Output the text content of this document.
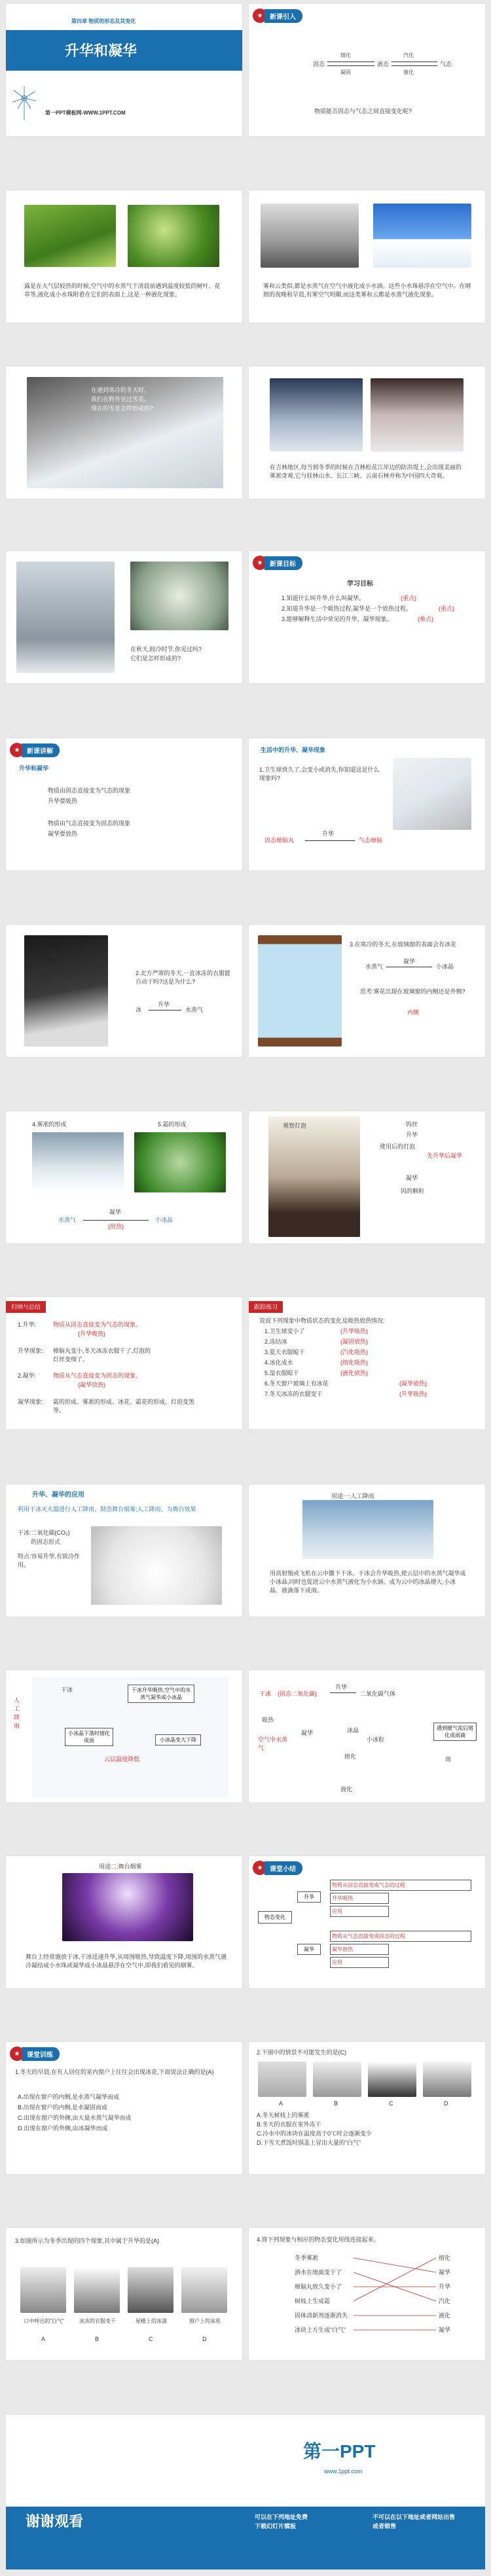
第四章 物质的形态及其变化
升华和凝华
第一PPT模板网-WWW.1PPT.COM
★	新课引入
固态	液态	气态
熔化
凝固
汽化
液化
物质能否固态与气态之间直接变化呢?
露是在大气层较热的时候,空气中的水蒸气于清晨前遇到温度较低的树叶、花草等,液化成小水珠附着在它们的表面上,这是一种液化现象。
雾和云类似,都是水蒸气在空气中液化成小水滴。这些小水珠悬浮在空气中。在晴朗的夜晚和早晨,有雾空气明媚,而这类雾和云都是水蒸气液化现象。
在遇到寒冷的冬天时,
我们在野外见过雪花。
现在的雪是怎样形成的?
在吉林地区,每当到冬季的时候在吉林松花江岸边的防洪堤上,会出现美丽的雾凇奇观,它与桂林山水、长江三峡、云南石林并称为中国四大奇观。
在秋天,较冷时节,你见过吗?
它们是怎样形成的?
★	新课目标
学习目标
1.知道什么叫升华,什么叫凝华。	(重点)
2.知道升华是一个吸热过程,凝华是一个放热过程。	(重点)
3.能够解释生活中常见的升华、凝华现象。	(难点)
★	新课讲解
升华和凝华
物质由固态直接变为气态的现象
升华要吸热
物质由气态直接变为固态的现象
凝华要放热
生活中的升华、凝华现象
1.卫生球放久了,会变小或消失,你知道这是什么现象吗?
固态樟脑丸
升华
气态樟脑
2.北方严寒的冬天,一直冰冻的衣服能自动干吗?这是为什么?
冰
升华
水蒸气
3.在寒冷的冬天,在玻璃窗的表面会有冰花
水蒸气
凝华
小冰晶
思考:雾花出现在玻璃窗的内侧还是外侧?
内侧
4.雾凇的形成	5.霜的形成
水蒸气
凝华
(放热)
小冰晶
观察灯泡	钨丝
升华
使用后的灯泡
先升华后凝华
凝华
钨的颗粒
归纳与总结
1.升华:	物质从固态直接变为气态的现象。
(升华吸热)
升华现象: 樟脑丸变小,冬天冰冻衣服干了,灯泡的灯丝变细了。
2.凝华:	物质从气态直接变为固态的现象。
(凝华放热)
凝华现象: 霜的形成、雾凇的形成、冰花、霜花的形成、灯泡变黑等。
跟踪练习
说说下列现象中物质状态的变化及吸热放热情况:
1.卫生球变小了	(升华吸热)
2.冻结冰	(凝固放热)
3.夏天衣服晾干	(汽化吸热)
4.冰化成水	(熔化吸热)
5.湿衣服晾干	(液化放热)
6.冬天窗户玻璃上有冰花	(凝华放热)
7.冬天冰冻的衣服变干	(升华吸热)
升华、凝华的应用
利用干冰灭火器进行人工降雨、制造舞台烟雾;人工降雨、为舞台效果
干冰:二氧化碳(CO₂)
的固态形式
特点:容易升华,有致冷作用。
用途一:人工降雨
用高射炮或飞机在云中撒下干冰。干冰会升华吸热,使云层中的水蒸气凝华成小冰晶,同时也促进云中水蒸气液化为小水滴。成为云中的冰晶增大,小冰晶、液滴落下成雨。
人工降雨
干冰	干冰升华吸热,空气中的水蒸气凝华成小冰晶
小冰晶变大下降
小冰晶下落时熔化成雨
云层温度降低
干冰 (固态二氧化碳)
升华
二氧化碳气体
吸热
空气中水蒸气
冰晶
小冰粒
熔化
凝华
遇到暖气流后熔化成雨滴
雨
液化
用途二:舞台烟雾
舞台上经常施放干冰,干冰迅速升华,从周围吸热,导致温度下降,周围的水蒸气遇冷凝结成小水珠或凝华成小冰晶悬浮在空气中,即我们看见的烟雾。
★	课堂小结
物态变化
升华
凝华
物质从固态直接变成气态的过程
升华吸热
应用
物质从气态直接变成固态的过程
凝华放热
应用
★	课堂训练
1.冬天的早晨,在有人居住的室内窗户上往往会出现冰花,下面说法正确的是(A)
A.出现在窗户的内侧,是水蒸气凝华而成
B.出现在窗户的内侧,是水凝固而成
C.出现在窗户的外侧,由大量水蒸气凝华而成
D.出现在窗户的外侧,由冰凝华而成
2.下图中的情景不可能发生的是(C)
A	B	C	D
A.冬天树枝上的雾凇
B.冬天的衣服在室外冻干
C.冷水中的冰块在温度高于0℃时会逐渐变少
D.下雪天煮饭时锅盖上冒出大量的“白气”
3.如图所示为冬季出现的四个现象,其中属于升华的是(A)
口中呼出的“白气”	冰冻的衣服变干	屋檐上的冰溜	窗户上的冰花
A	B	C	D
4.将下列现象与相应的物态变化用线连接起来。
冬季雾凇
洒水在地面变干了
樟脑丸放久变小了
树枝上生成霜
固体清新剂逐渐消失
冰块上方生成“白气”
熔化
凝华
升华
汽化
液化
凝华
谢谢观看
第一PPT
www.1ppt.com
可以在下列地址免费
下载幻灯片模板
不可以在以下地址或者网站出售
或者销售
